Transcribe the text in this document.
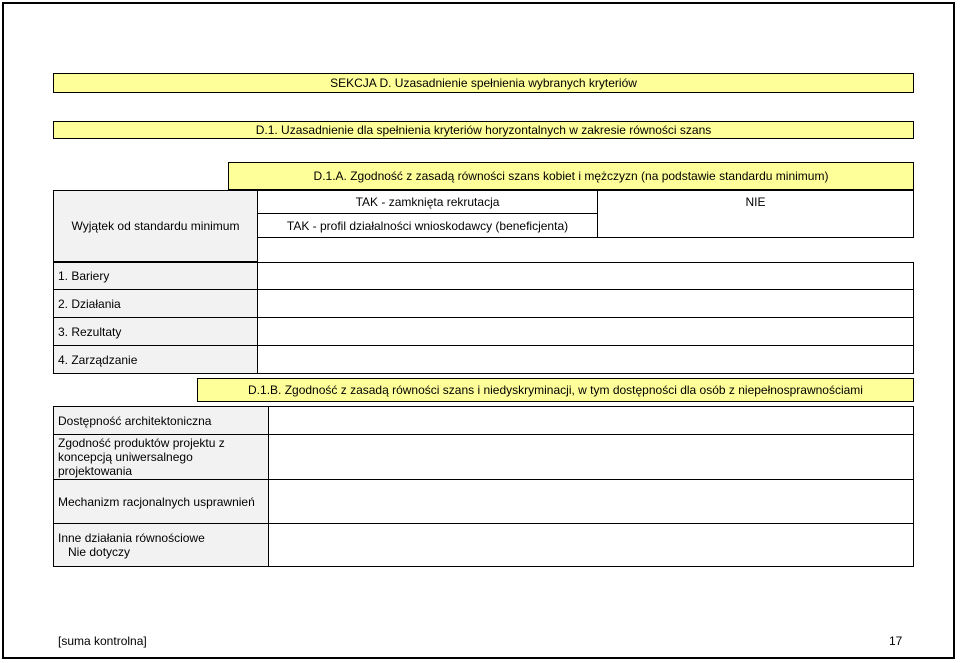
SEKCJA D. Uzasadnienie spełnienia wybranych kryteriów
D.1. Uzasadnienie dla spełnienia kryteriów horyzontalnych w zakresie równości szans
D.1.A. Zgodność z zasadą równości szans kobiet i mężczyzn (na podstawie standardu minimum)
Wyjątek od standardu minimum
TAK - zamknięta rekrutacja	NIE
TAK - profil działalności wnioskodawcy (beneficjenta)
1. Bariery
2. Działania
3. Rezultaty
4. Zarządzanie
D.1.B. Zgodność z zasadą równości szans i niedyskryminacji, w tym dostępności dla osób z niepełnosprawnościami
Dostępność architektoniczna
Zgodność produktów projektu z
koncepcją uniwersalnego
projektowania
Mechanizm racjonalnych usprawnień
Inne działania równościowe
Nie dotyczy
[suma kontrolna]	17
